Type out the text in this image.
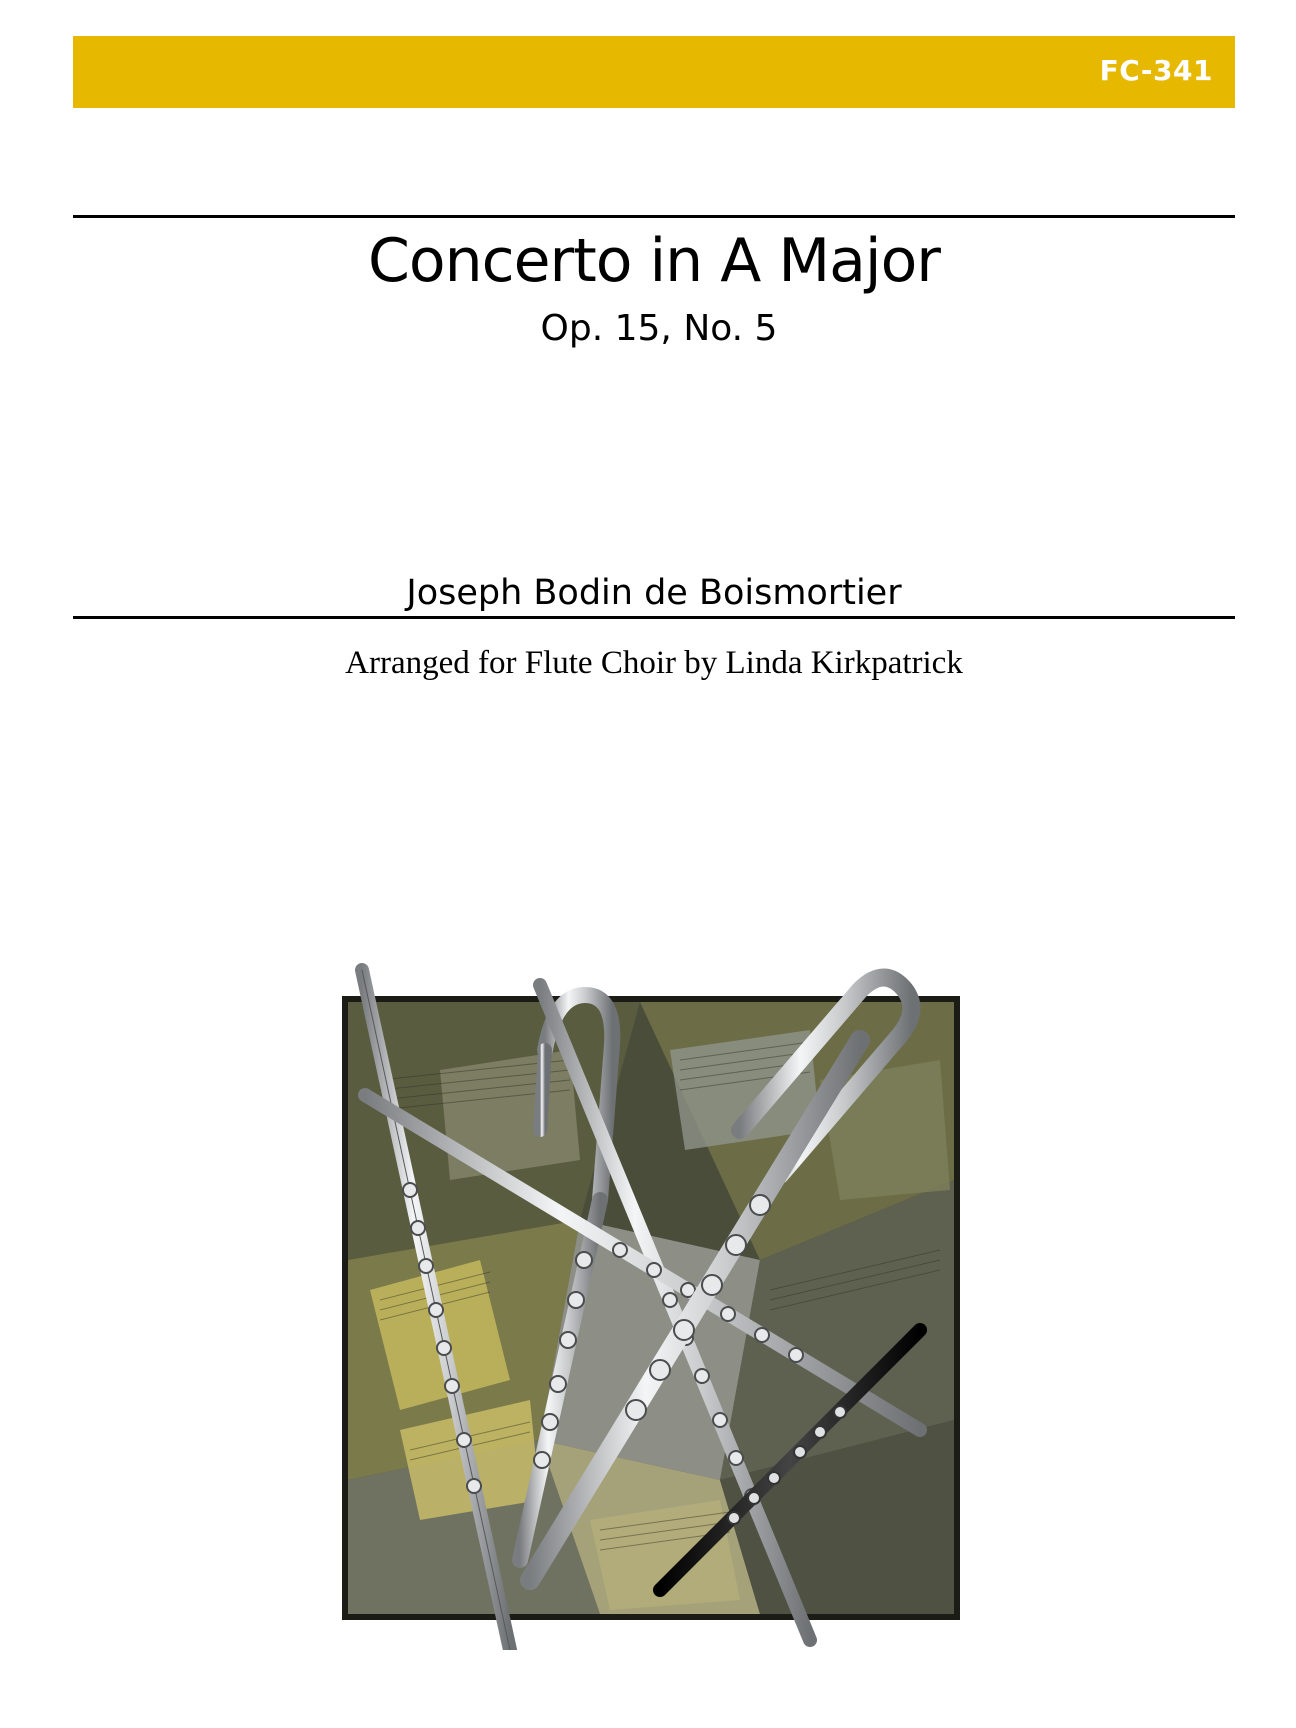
FC-341
Concerto in A Major
Op. 15, No. 5
Joseph Bodin de Boismortier
Arranged for Flute Choir by Linda Kirkpatrick
